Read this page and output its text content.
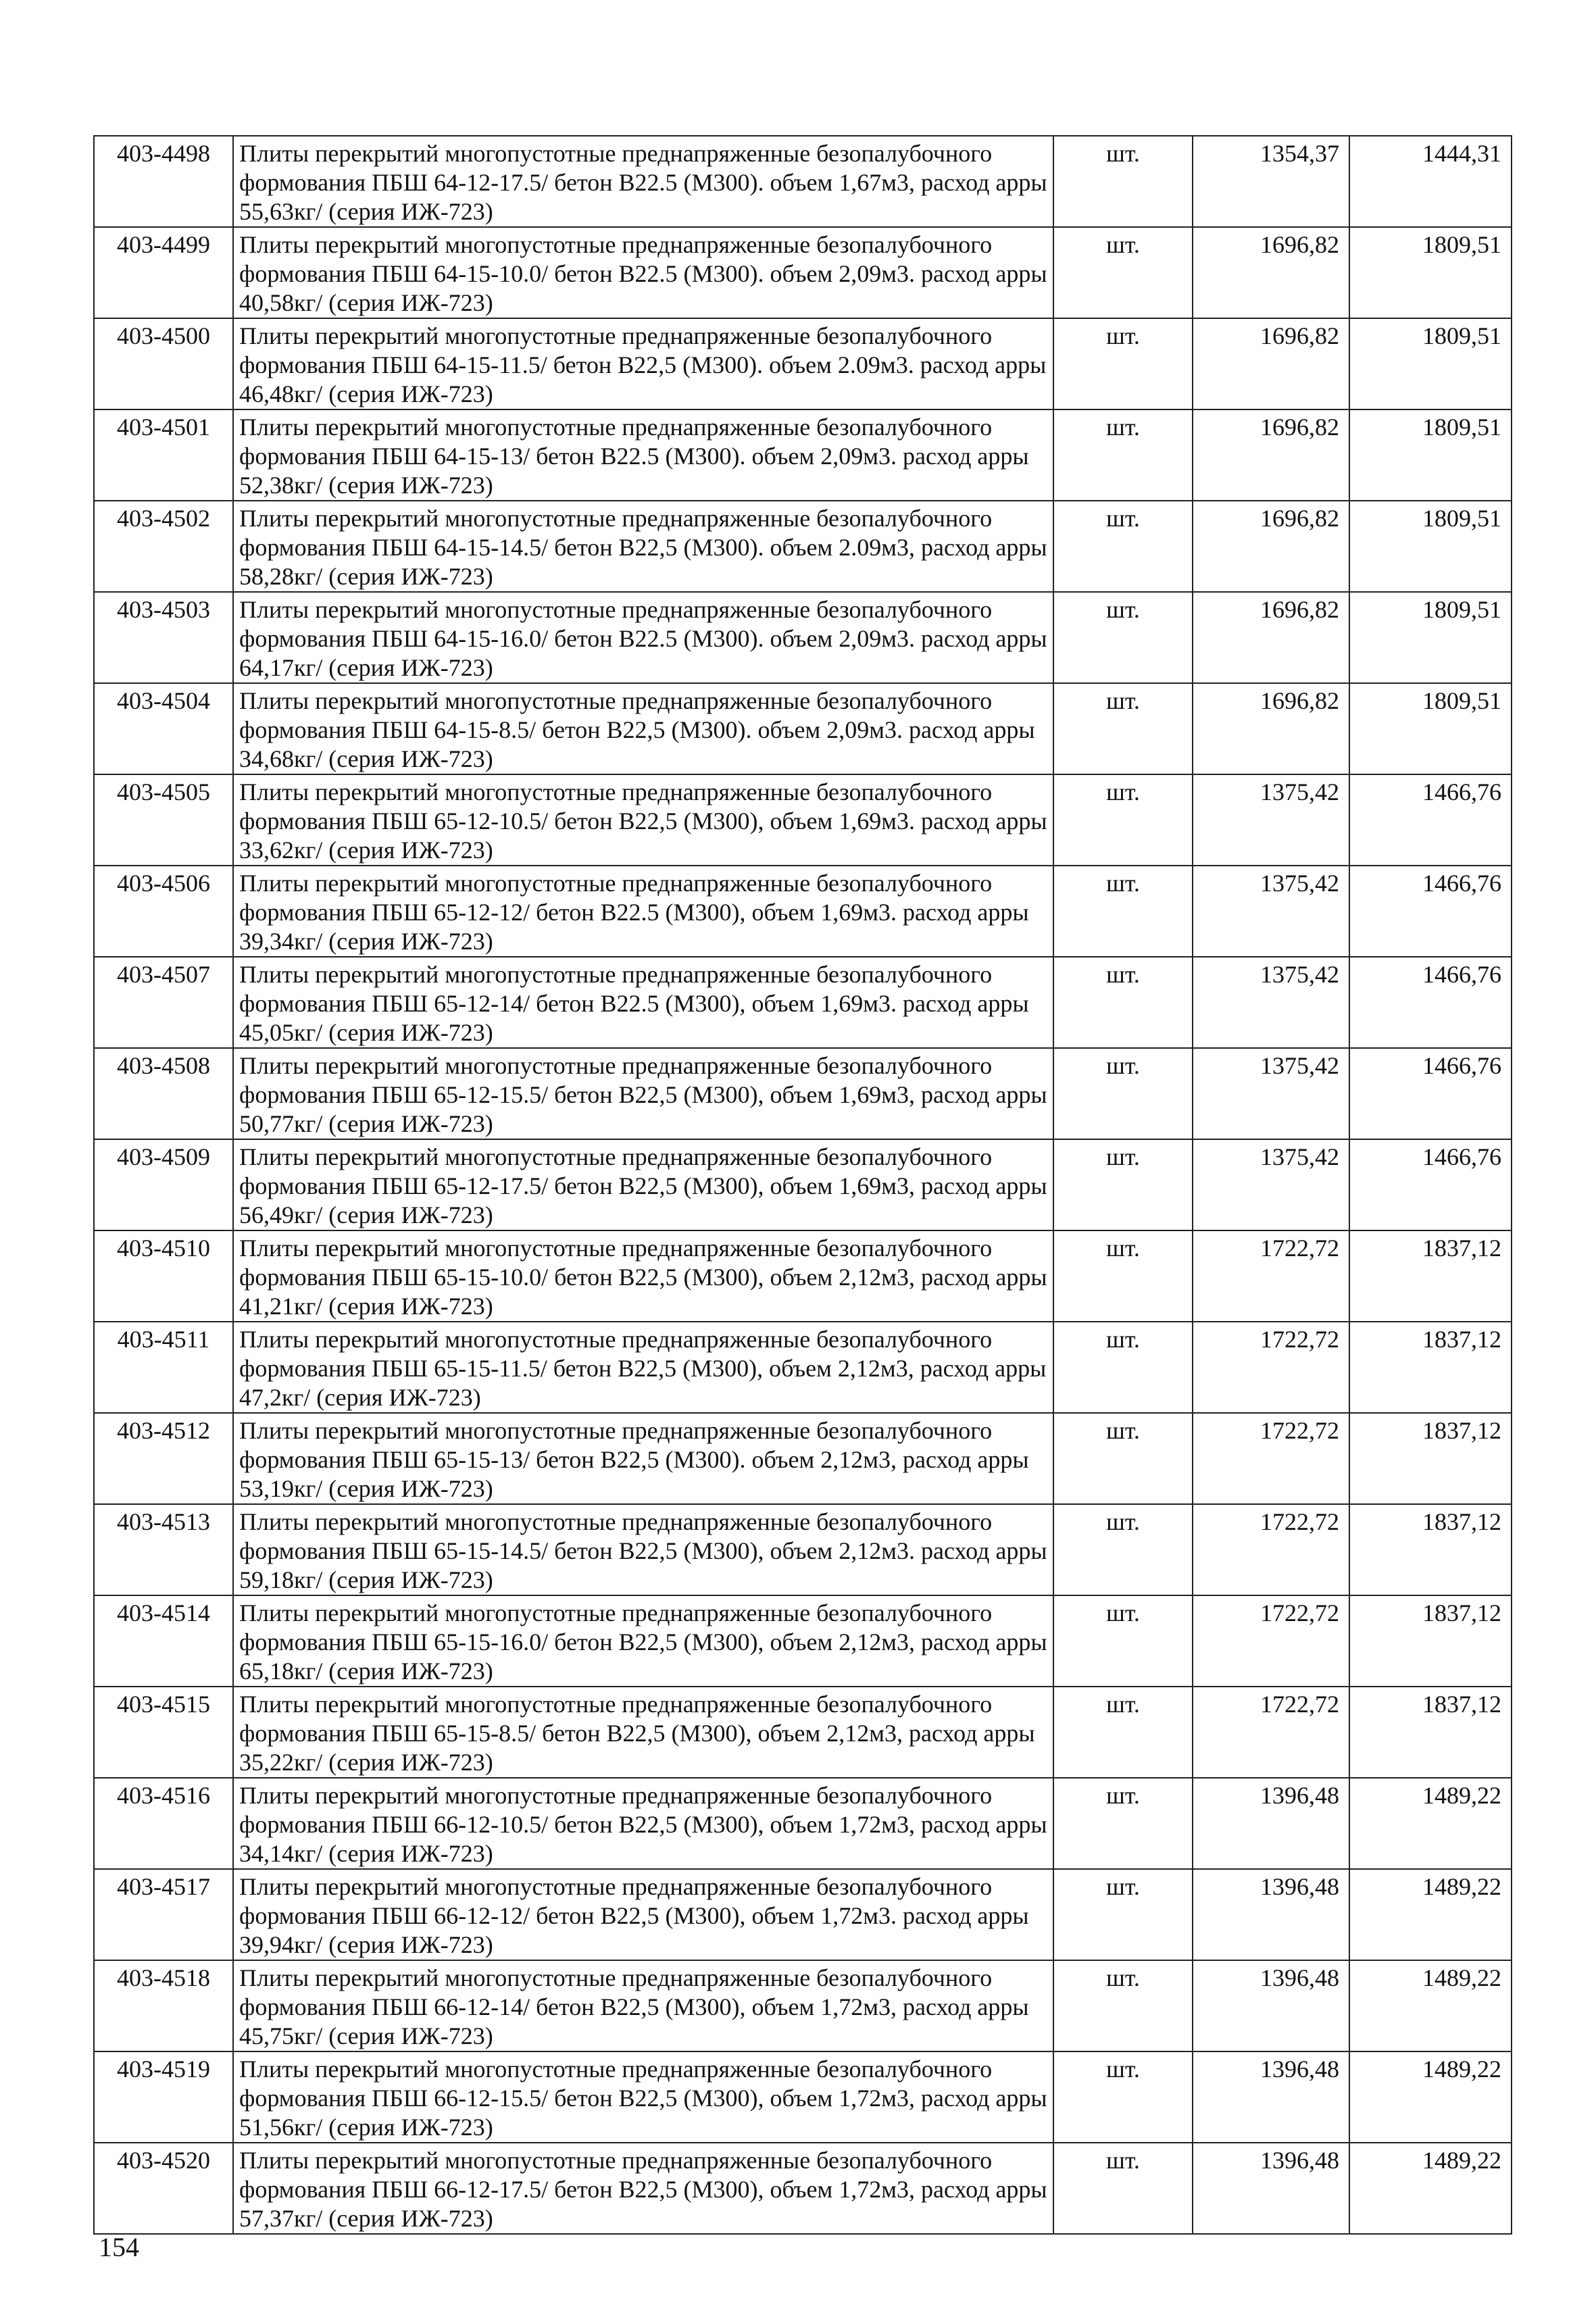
403-4498	Плиты перекрытий многопустотные преднапряженные безопалубочного формования ПБШ 64-12-17.5/ бетон В22.5 (М300). объем 1,67м3, расход арры 55,63кг/ (серия ИЖ-723)	шт.	1354,37	1444,31
403-4499	Плиты перекрытий многопустотные преднапряженные безопалубочного формования ПБШ 64-15-10.0/ бетон В22.5 (М300). объем 2,09м3. расход арры 40,58кг/ (серия ИЖ-723)	шт.	1696,82	1809,51
403-4500	Плиты перекрытий многопустотные преднапряженные безопалубочного формования ПБШ 64-15-11.5/ бетон В22,5 (М300). объем 2.09м3. расход арры 46,48кг/ (серия ИЖ-723)	шт.	1696,82	1809,51
403-4501	Плиты перекрытий многопустотные преднапряженные безопалубочного формования ПБШ 64-15-13/ бетон В22.5 (М300). объем 2,09м3. расход арры 52,38кг/ (серия ИЖ-723)	шт.	1696,82	1809,51
403-4502	Плиты перекрытий многопустотные преднапряженные безопалубочного формования ПБШ 64-15-14.5/ бетон В22,5 (М300). объем 2.09м3, расход арры 58,28кг/ (серия ИЖ-723)	шт.	1696,82	1809,51
403-4503	Плиты перекрытий многопустотные преднапряженные безопалубочного формования ПБШ 64-15-16.0/ бетон В22.5 (М300). объем 2,09м3. расход арры 64,17кг/ (серия ИЖ-723)	шт.	1696,82	1809,51
403-4504	Плиты перекрытий многопустотные преднапряженные безопалубочного формования ПБШ 64-15-8.5/ бетон В22,5 (М300). объем 2,09м3. расход арры 34,68кг/ (серия ИЖ-723)	шт.	1696,82	1809,51
403-4505	Плиты перекрытий многопустотные преднапряженные безопалубочного формования ПБШ 65-12-10.5/ бетон В22,5 (М300), объем 1,69м3. расход арры 33,62кг/ (серия ИЖ-723)	шт.	1375,42	1466,76
403-4506	Плиты перекрытий многопустотные преднапряженные безопалубочного формования ПБШ 65-12-12/ бетон В22.5 (М300), объем 1,69м3. расход арры 39,34кг/ (серия ИЖ-723)	шт.	1375,42	1466,76
403-4507	Плиты перекрытий многопустотные преднапряженные безопалубочного формования ПБШ 65-12-14/ бетон В22.5 (М300), объем 1,69м3. расход арры 45,05кг/ (серия ИЖ-723)	шт.	1375,42	1466,76
403-4508	Плиты перекрытий многопустотные преднапряженные безопалубочного формования ПБШ 65-12-15.5/ бетон В22,5 (М300), объем 1,69м3, расход арры 50,77кг/ (серия ИЖ-723)	шт.	1375,42	1466,76
403-4509	Плиты перекрытий многопустотные преднапряженные безопалубочного формования ПБШ 65-12-17.5/ бетон В22,5 (М300), объем 1,69м3, расход арры 56,49кг/ (серия ИЖ-723)	шт.	1375,42	1466,76
403-4510	Плиты перекрытий многопустотные преднапряженные безопалубочного формования ПБШ 65-15-10.0/ бетон В22,5 (М300), объем 2,12м3, расход арры 41,21кг/ (серия ИЖ-723)	шт.	1722,72	1837,12
403-4511	Плиты перекрытий многопустотные преднапряженные безопалубочного формования ПБШ 65-15-11.5/ бетон В22,5 (М300), объем 2,12м3, расход арры 47,2кг/ (серия ИЖ-723)	шт.	1722,72	1837,12
403-4512	Плиты перекрытий многопустотные преднапряженные безопалубочного формования ПБШ 65-15-13/ бетон В22,5 (М300). объем 2,12м3, расход арры 53,19кг/ (серия ИЖ-723)	шт.	1722,72	1837,12
403-4513	Плиты перекрытий многопустотные преднапряженные безопалубочного формования ПБШ 65-15-14.5/ бетон В22,5 (М300), объем 2,12м3. расход арры 59,18кг/ (серия ИЖ-723)	шт.	1722,72	1837,12
403-4514	Плиты перекрытий многопустотные преднапряженные безопалубочного формования ПБШ 65-15-16.0/ бетон В22,5 (М300), объем 2,12м3, расход арры 65,18кг/ (серия ИЖ-723)	шт.	1722,72	1837,12
403-4515	Плиты перекрытий многопустотные преднапряженные безопалубочного формования ПБШ 65-15-8.5/ бетон В22,5 (М300), объем 2,12м3, расход арры 35,22кг/ (серия ИЖ-723)	шт.	1722,72	1837,12
403-4516	Плиты перекрытий многопустотные преднапряженные безопалубочного формования ПБШ 66-12-10.5/ бетон В22,5 (М300), объем 1,72м3, расход арры 34,14кг/ (серия ИЖ-723)	шт.	1396,48	1489,22
403-4517	Плиты перекрытий многопустотные преднапряженные безопалубочного формования ПБШ 66-12-12/ бетон В22,5 (М300), объем 1,72м3. расход арры 39,94кг/ (серия ИЖ-723)	шт.	1396,48	1489,22
403-4518	Плиты перекрытий многопустотные преднапряженные безопалубочного формования ПБШ 66-12-14/ бетон В22,5 (М300), объем 1,72м3, расход арры 45,75кг/ (серия ИЖ-723)	шт.	1396,48	1489,22
403-4519	Плиты перекрытий многопустотные преднапряженные безопалубочного формования ПБШ 66-12-15.5/ бетон В22,5 (М300), объем 1,72м3, расход арры 51,56кг/ (серия ИЖ-723)	шт.	1396,48	1489,22
403-4520	Плиты перекрытий многопустотные преднапряженные безопалубочного формования ПБШ 66-12-17.5/ бетон В22,5 (М300), объем 1,72м3, расход арры 57,37кг/ (серия ИЖ-723)	шт.	1396,48	1489,22
154
